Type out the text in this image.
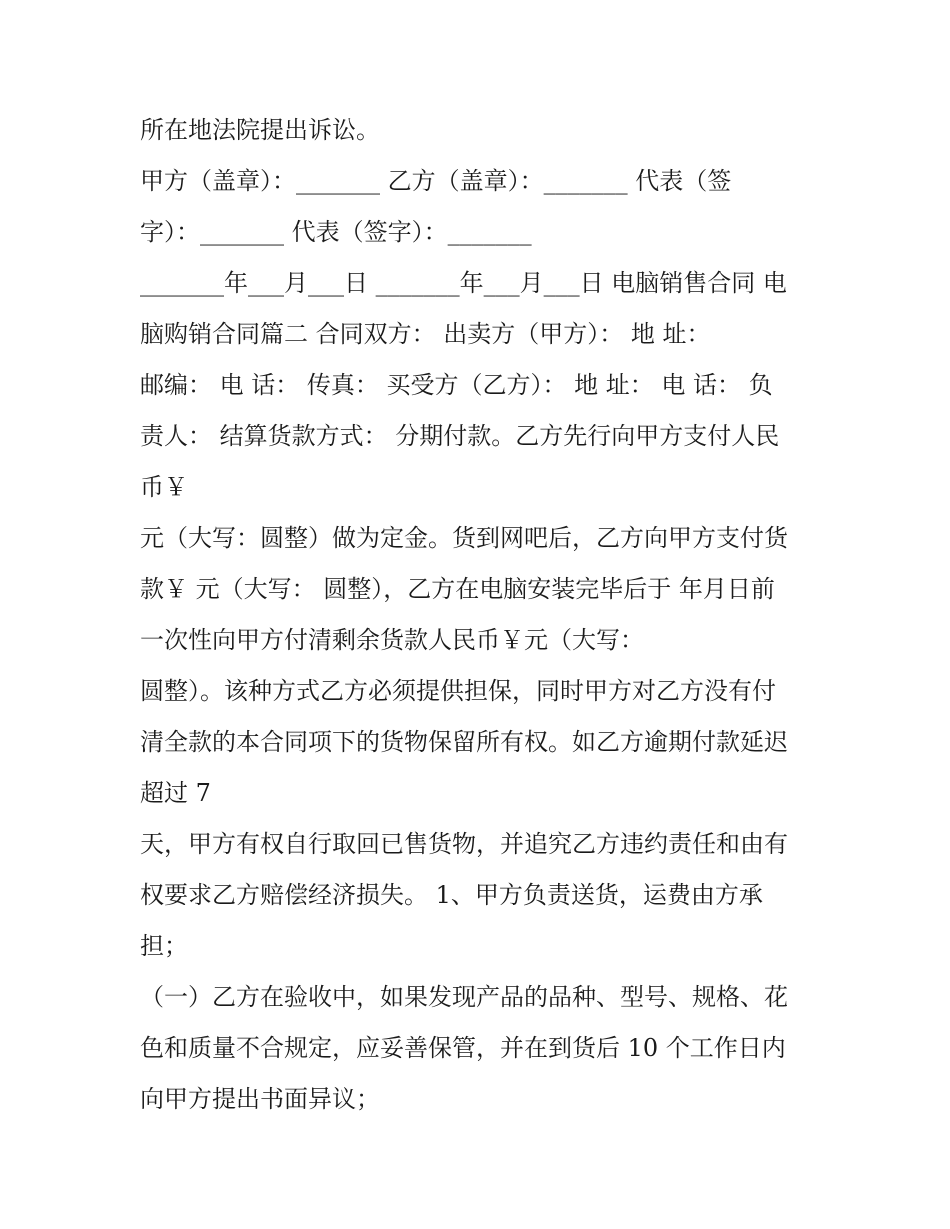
所在地法院提出诉讼。
甲方（盖章）：_______ 乙方（盖章）：_______ 代表（签
字）：_______ 代表（签字）：_______
_______年___月___日 _______年___月___日 电脑销售合同 电
脑购销合同篇二 合同双方： 出卖方（甲方）： 地 址：
邮编： 电 话： 传真： 买受方（乙方）： 地 址： 电 话： 负
责人： 结算货款方式： 分期付款。乙方先行向甲方支付人民
币￥
元（大写：圆整）做为定金。货到网吧后，乙方向甲方支付货
款￥ 元（大写： 圆整），乙方在电脑安装完毕后于 年月日前
一次性向甲方付清剩余货款人民币￥元（大写：
圆整）。该种方式乙方必须提供担保，同时甲方对乙方没有付
清全款的本合同项下的货物保留所有权。如乙方逾期付款延迟
超过 7
天，甲方有权自行取回已售货物，并追究乙方违约责任和由有
权要求乙方赔偿经济损失。 1、甲方负责送货，运费由方承
担；
（一）乙方在验收中，如果发现产品的品种、型号、规格、花
色和质量不合规定，应妥善保管，并在到货后 10 个工作日内
向甲方提出书面异议；
